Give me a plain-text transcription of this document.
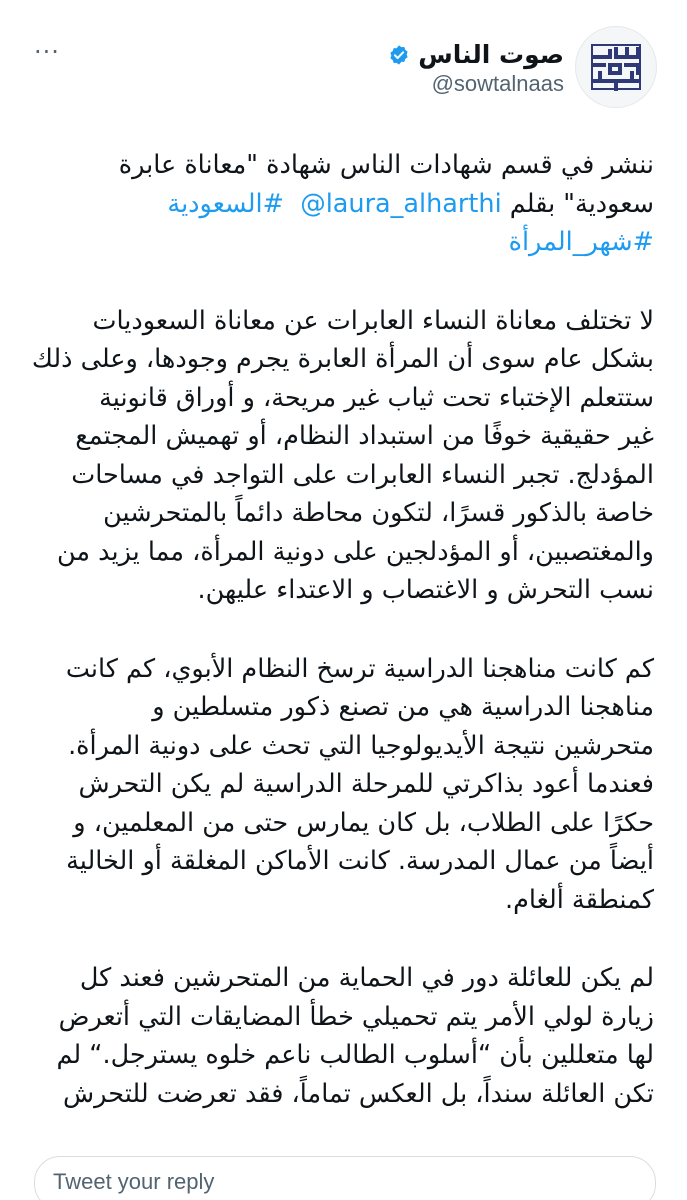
···	صوت الناس
@sowtalnaas

ننشر في قسم شهادات الناس شهادة "معاناة عابرة
سعودية" بقلم @laura_alharthi  #السعودية
#شهر_المرأة

لا تختلف معاناة النساء العابرات عن معاناة السعوديات
بشكل عام سوى أن المرأة العابرة يجرم وجودها، وعلى ذلك
ستتعلم الإختباء تحت ثياب غير مريحة، و أوراق قانونية
غير حقيقية خوفًا من استبداد النظام، أو تهميش المجتمع
المؤدلج. تجبر النساء العابرات على التواجد في مساحات
خاصة بالذكور قسرًا، لتكون محاطة دائماً بالمتحرشين
والمغتصبين، أو المؤدلجين على دونية المرأة، مما يزيد من
نسب التحرش و الاغتصاب و الاعتداء عليهن.

كم كانت مناهجنا الدراسية ترسخ النظام الأبوي، كم كانت
مناهجنا الدراسية هي من تصنع ذكور متسلطين و
متحرشين نتيجة الأيديولوجيا التي تحث على دونية المرأة.
فعندما أعود بذاكرتي للمرحلة الدراسية لم يكن التحرش
حكرًا على الطلاب، بل كان يمارس حتى من المعلمين، و
أيضاً من عمال المدرسة. كانت الأماكن المغلقة أو الخالية
كمنطقة ألغام.

لم يكن للعائلة دور في الحماية من المتحرشين فعند كل
زيارة لولي الأمر يتم تحميلي خطأ المضايقات التي أتعرض
لها متعللين بأن “أسلوب الطالب ناعم خلوه يسترجل.“ لم
تكن العائلة سنداً، بل العكس تماماً، فقد تعرضت للتحرش

Tweet your reply
